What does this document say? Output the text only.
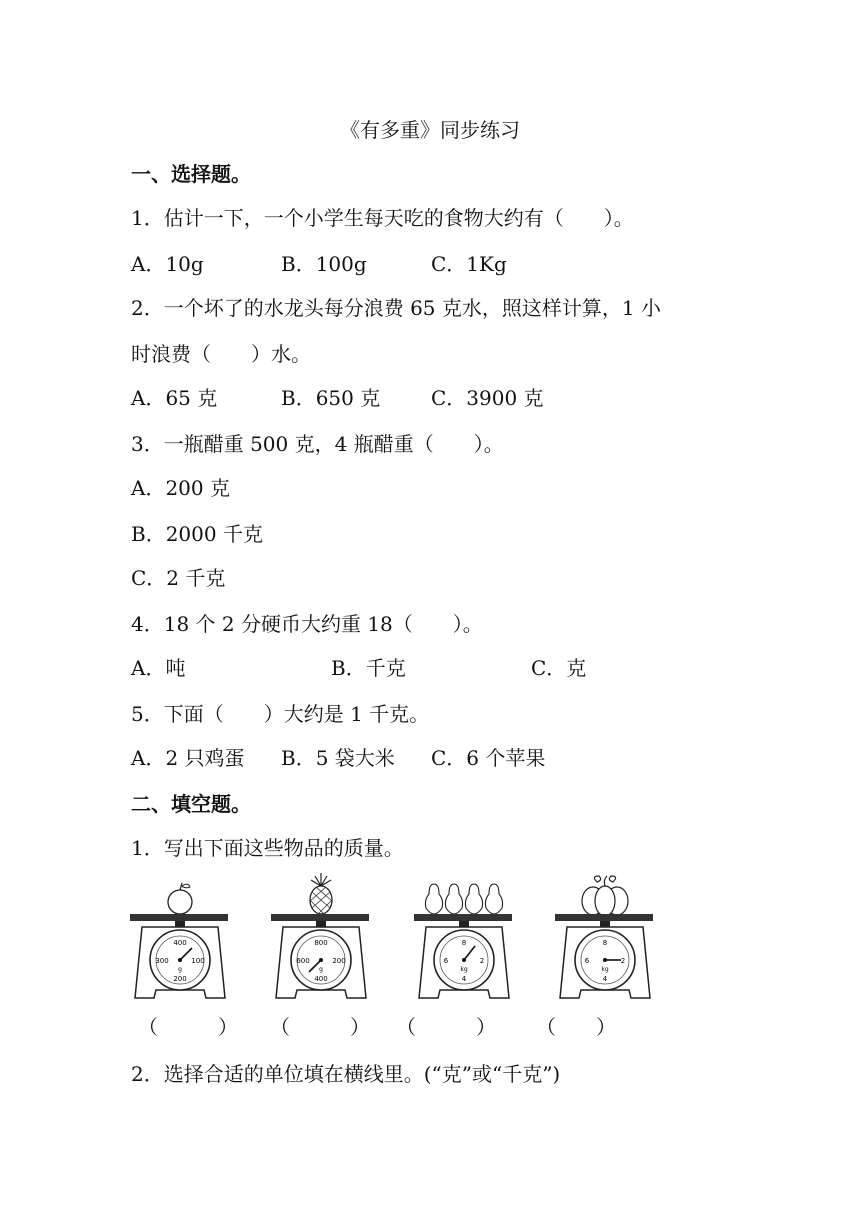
《有多重》同步练习
一、选择题。
1．估计一下，一个小学生每天吃的食物大约有（　　）。
A．10g	B．100g	C．1Kg
2．一个坏了的水龙头每分浪费 65 克水，照这样计算，1 小
时浪费（　　）水。
A．65 克	B．650 克	C．3900 克
3．一瓶醋重 500 克，4 瓶醋重（　　）。
A．200 克
B．2000 千克
C．2 千克
4．18 个 2 分硬币大约重 18（　　）。
A．吨	B．千克	C．克
5．下面（　　）大约是 1 千克。
A．2 只鸡蛋 B．5 袋大米 C．6 个苹果
二、填空题。
1．写出下面这些物品的质量。
400
300	100
200
g
800
600	200
400
g
8
6	2
4
kg
8
6	2
4
kg
（　　　） （　　　） （　　　） （　　）
2．选择合适的单位填在横线里。(“克”或“千克”)
